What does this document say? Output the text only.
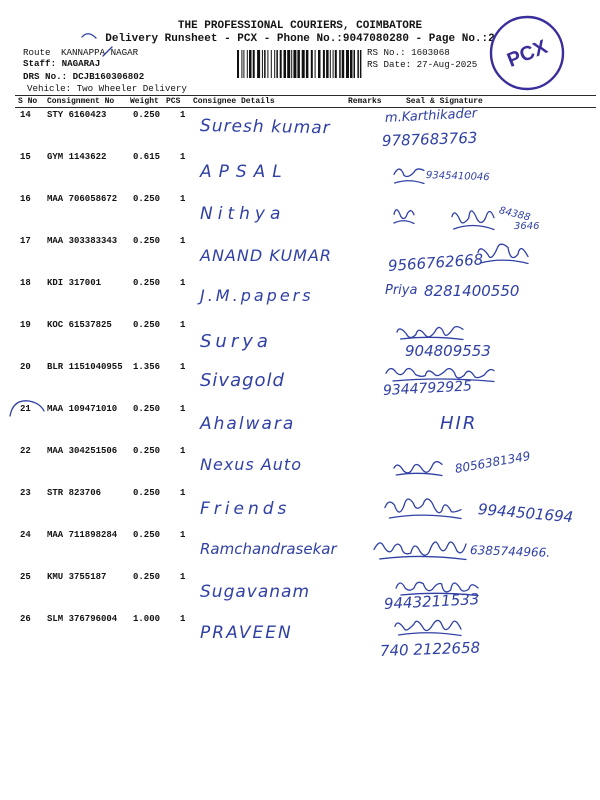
THE PROFESSIONAL COURIERS, COIMBATORE
Delivery Runsheet - PCX - Phone No.:9047080280 - Page No.:2
Route KANNAPPA NAGAR
Staff: NAGARAJ
DRS No.: DCJB160306802
Vehicle: Two Wheeler Delivery
RS No.: 1603068
RS Date: 27-Aug-2025 PCX
S No Consignment No Weight PCS Consignee Details	Remarks	Seal & Signature
14 STY 6160423	0.250 1
Suresh kumar	m.Karthikader
9787683763
15 GYM 1143622	0.615 1
APSAL	9345410046
16 MAA 706058672 0.250 1
Nithya	84388
3646
17 MAA 303383343 0.250 1
ANAND KUMAR	9566762668
18 KDI 317001	0.250 1
J.M.papers	Priya 8281400550
19 KOC 61537825 0.250 1
Surya	904809553
20 BLR 1151040955 1.356 1
Sivagold	9344792925
21 MAA 109471010 0.250 1
Ahalwara	HIR
22 MAA 304251506 0.250 1
Nexus Auto	8056381349
23 STR 823706	0.250 1
Friends	9944501694
24 MAA 711898284 0.250 1
Ramchandrasekar	6385744966.
25 KMU 3755187	0.250 1
Sugavanam	9443211533
26 SLM 376796004 1.000 1
PRAVEEN
740 2122658
